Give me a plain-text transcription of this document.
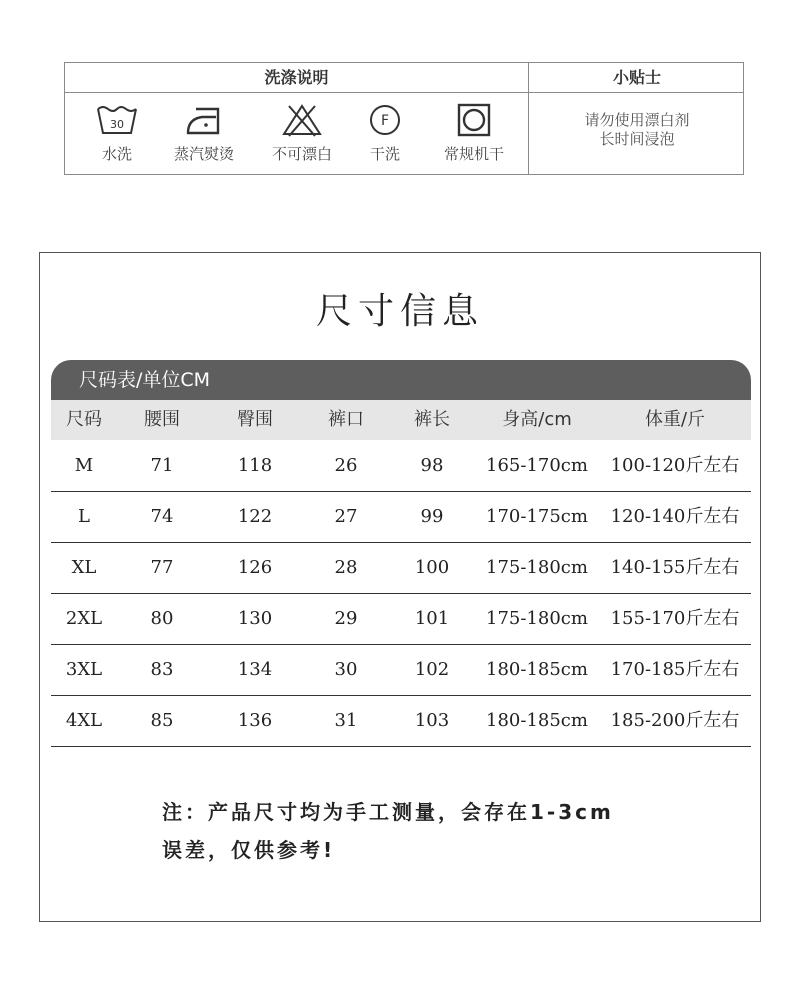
洗涤说明	小贴士
30
水洗	蒸汽熨烫	不可漂白
F
干洗	常规机干
请勿使用漂白剂
长时间浸泡
尺寸信息
尺码表/单位CM
尺码	腰围	臀围	裤口	裤长	身高/cm	体重/斤
M	71	118	26	98	165-170cm	100-120斤左右
L	74	122	27	99	170-175cm	120-140斤左右
XL	77	126	28	100	175-180cm	140-155斤左右
2XL	80	130	29	101	175-180cm	155-170斤左右
3XL	83	134	30	102	180-185cm	170-185斤左右
4XL	85	136	31	103	180-185cm	185-200斤左右
注：产品尺寸均为手工测量，会存在1-3cm
误差，仅供参考!
